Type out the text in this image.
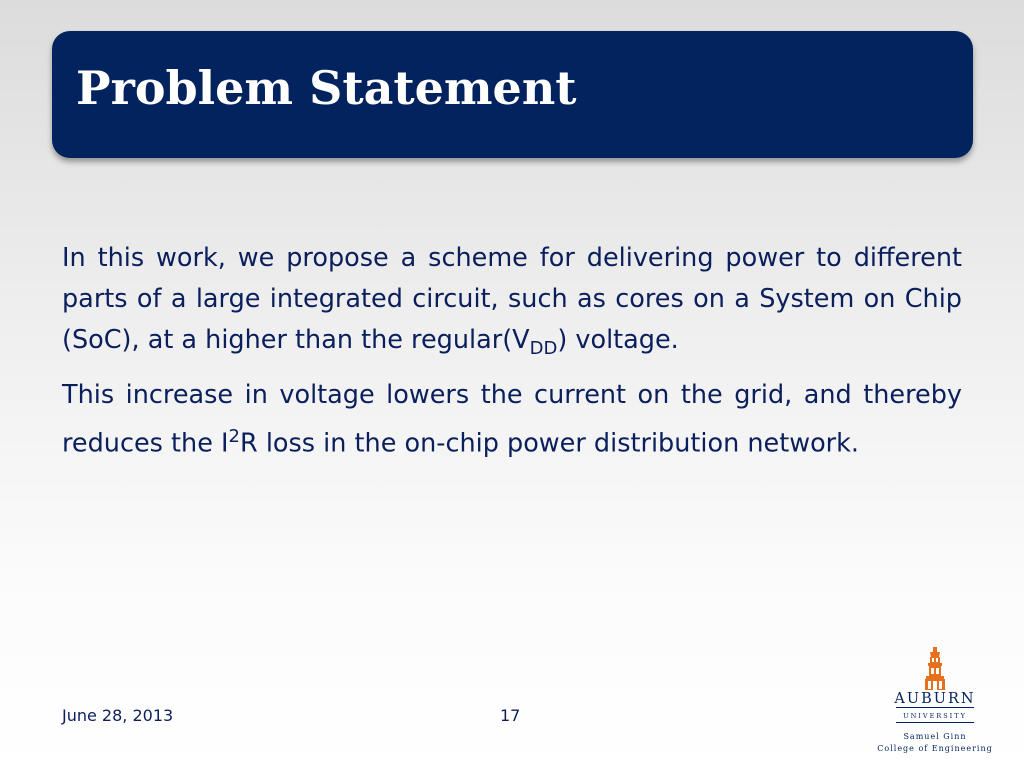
Problem Statement

In this work, we propose a scheme for delivering power to different parts of a large integrated circuit, such as cores on a System on Chip (SoC), at a higher than the $regular(V_{DD})$ voltage.

This increase in voltage lowers the current on the grid, and thereby reduces the $I^2R$ loss in the on-chip power distribution network.

June 28, 2013	17
AUBURN
UNIVERSITY
Samuel Ginn
College of Engineering
